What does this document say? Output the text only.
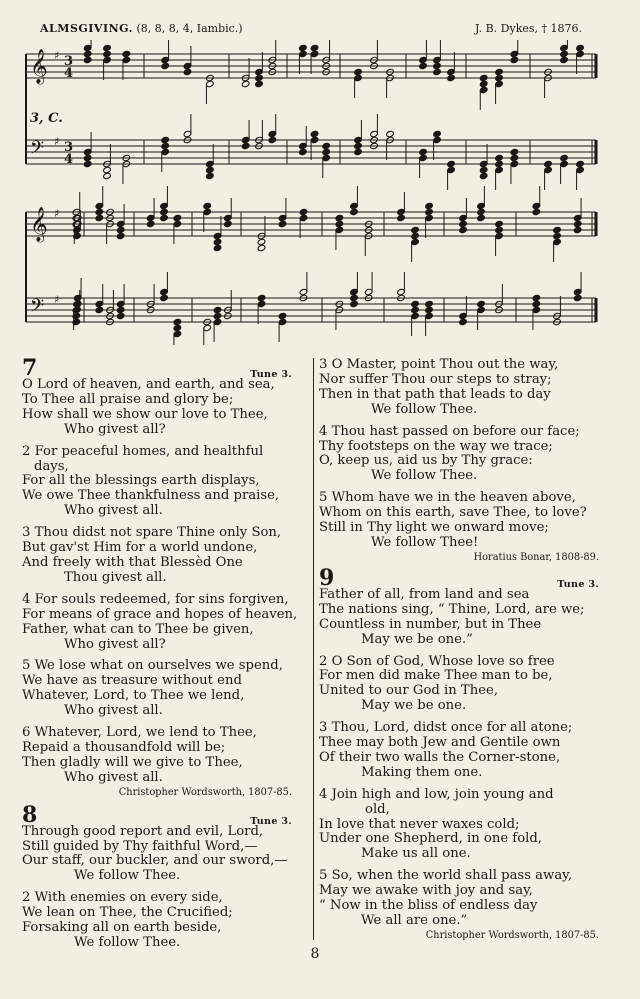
ALMSGIVING. (8, 8, 8, 4, Iambic.)	J. B. Dykes, † 1876.
𝄞
𝄢
𝄞
𝄢
♯
♯
♯
♯
3
4
3
4
3, C.
7	Tune 3.
O Lord of heaven, and earth, and sea,
To Thee all praise and glory be;
How shall we show our love to Thee,
Who givest all?
2 For peaceful homes, and healthful
days,
For all the blessings earth displays,
We owe Thee thankfulness and praise,
Who givest all.
3 Thou didst not spare Thine only Son,
But gav'st Him for a world undone,
And freely with that Blessèd One
Thou givest all.
4 For souls redeemed, for sins forgiven,
For means of grace and hopes of heaven,
Father, what can to Thee be given,
Who givest all?
5 We lose what on ourselves we spend,
We have as treasure without end
Whatever, Lord, to Thee we lend,
Who givest all.
6 Whatever, Lord, we lend to Thee,
Repaid a thousandfold will be;
Then gladly will we give to Thee,
Who givest all.
Christopher Wordsworth, 1807-85.
8	Tune 3.
Through good report and evil, Lord,
Still guided by Thy faithful Word,—
Our staff, our buckler, and our sword,—
We follow Thee.
2 With enemies on every side,
We lean on Thee, the Crucified;
Forsaking all on earth beside,
We follow Thee.
3 O Master, point Thou out the way,
Nor suffer Thou our steps to stray;
Then in that path that leads to day
We follow Thee.
4 Thou hast passed on before our face;
Thy footsteps on the way we trace;
O, keep us, aid us by Thy grace:
We follow Thee.
5 Whom have we in the heaven above,
Whom on this earth, save Thee, to love?
Still in Thy light we onward move;
We follow Thee!
Horatius Bonar, 1808-89.
9	Tune 3.
Father of all, from land and sea
The nations sing, “ Thine, Lord, are we;
Countless in number, but in Thee
May we be one.”
2 O Son of God, Whose love so free
For men did make Thee man to be,
United to our God in Thee,
May we be one.
3 Thou, Lord, didst once for all atone;
Thee may both Jew and Gentile own
Of their two walls the Corner-stone,
Making them one.
4 Join high and low, join young and
old,
In love that never waxes cold;
Under one Shepherd, in one fold,
Make us all one.
5 So, when the world shall pass away,
May we awake with joy and say,
“ Now in the bliss of endless day
We all are one.”
Christopher Wordsworth, 1807-85.
8
